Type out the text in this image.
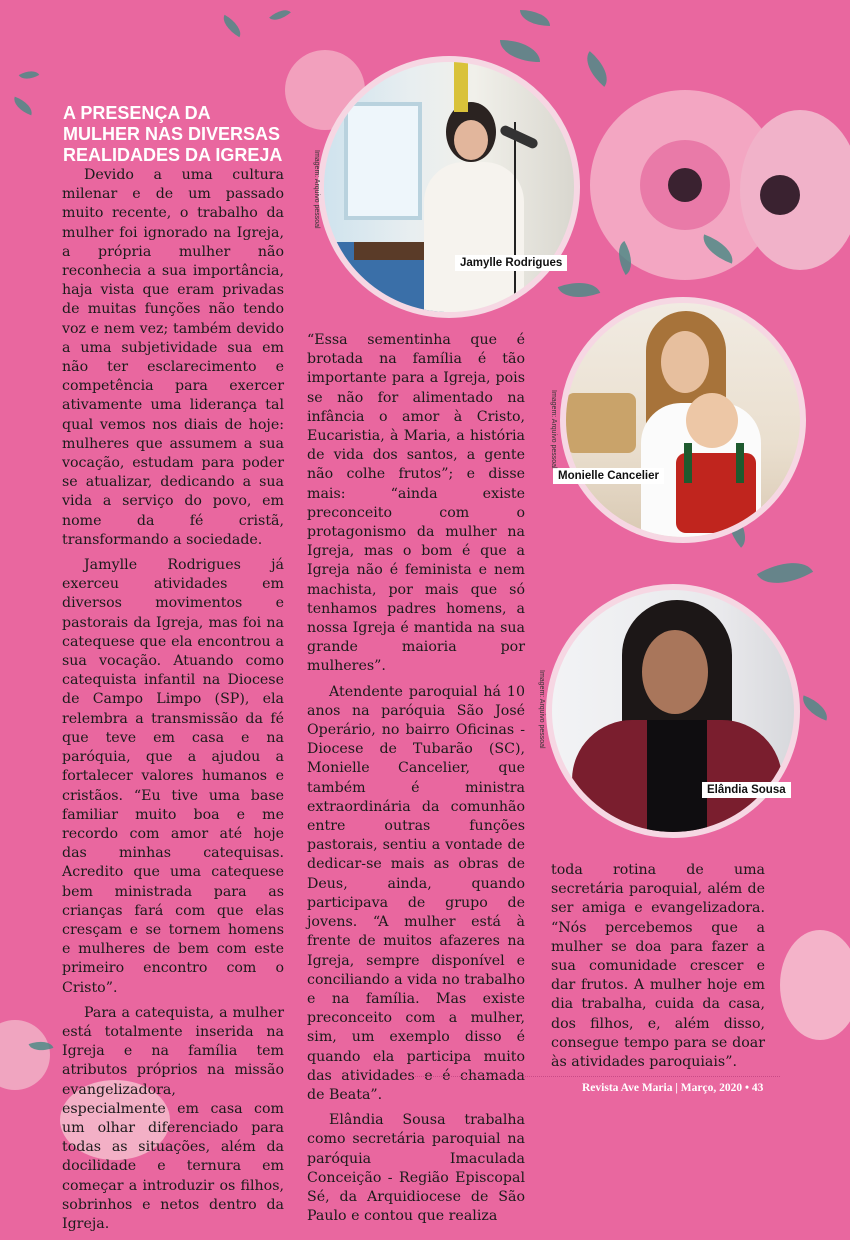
A PRESENÇA DA MULHER NAS DIVERSAS REALIDADES DA IGREJA

Devido a uma cultura milenar e de um passado muito recente, o trabalho da mulher foi ignorado na Igreja, a própria mulher não reconhecia a sua importância, haja vista que eram privadas de muitas funções não tendo voz e nem vez; também devido a uma subjetividade sua em não ter esclarecimento e competência para exercer ativamente uma liderança tal qual vemos nos diais de hoje: mulheres que assumem a sua vocação, estudam para poder se atualizar, dedicando a sua vida a serviço do povo, em nome da fé cristã, transformando a sociedade.

Jamylle Rodrigues já exerceu atividades em diversos movimentos e pastorais da Igreja, mas foi na catequese que ela encontrou a sua vocação. Atuando como catequista infantil na Diocese de Campo Limpo (SP), ela relembra a transmissão da fé que teve em casa e na paróquia, que a ajudou a fortalecer valores humanos e cristãos. “Eu tive uma base familiar muito boa e me recordo com amor até hoje das minhas catequisas. Acredito que uma catequese bem ministrada para as crianças fará com que elas cresçam e se tornem homens e mulheres de bem com este primeiro encontro com o Cristo”.

Para a catequista, a mulher está totalmente inserida na Igreja e na família tem atributos próprios na missão evangelizadora, especialmente em casa com um olhar diferenciado para todas as situações, além da docilidade e ternura em começar a introduzir os filhos, sobrinhos e netos dentro da Igreja.

“Essa sementinha que é brotada na família é tão importante para a Igreja, pois se não for alimentado na infância o amor à Cristo, Eucaristia, à Maria, a história de vida dos santos, a gente não colhe frutos”; e disse mais: “ainda existe preconceito com o protagonismo da mulher na Igreja, mas o bom é que a Igreja não é feminista e nem machista, por mais que só tenhamos padres homens, a nossa Igreja é mantida na sua grande maioria por mulheres”.

Atendente paroquial há 10 anos na paróquia São José Operário, no bairro Oficinas - Diocese de Tubarão (SC), Monielle Cancelier, que também é ministra extraordinária da comunhão entre outras funções pastorais, sentiu a vontade de dedicar-se mais as obras de Deus, ainda, quando participava de grupo de jovens. “A mulher está à frente de muitos afazeres na Igreja, sempre disponível e conciliando a vida no trabalho e na família. Mas existe preconceito com a mulher, sim, um exemplo disso é quando ela participa muito das atividades e é chamada de Beata”.

Elândia Sousa trabalha como secretária paroquial na paróquia Imaculada Conceição - Região Episcopal Sé, da Arquidiocese de São Paulo e contou que realiza

toda rotina de uma secretária paroquial, além de ser amiga e evangelizadora. “Nós percebemos que a mulher se doa para fazer a sua comunidade crescer e dar frutos. A mulher hoje em dia trabalha, cuida da casa, dos filhos, e, além disso, consegue tempo para se doar às atividades paroquiais”.

Jamylle Rodrigues
Imagem: Arquivo pessoal
Monielle Cancelier
Imagem: Arquivo pessoal
Elândia Sousa
Imagem: Arquivo pessoal
Revista Ave Maria | Março, 2020 • 43
